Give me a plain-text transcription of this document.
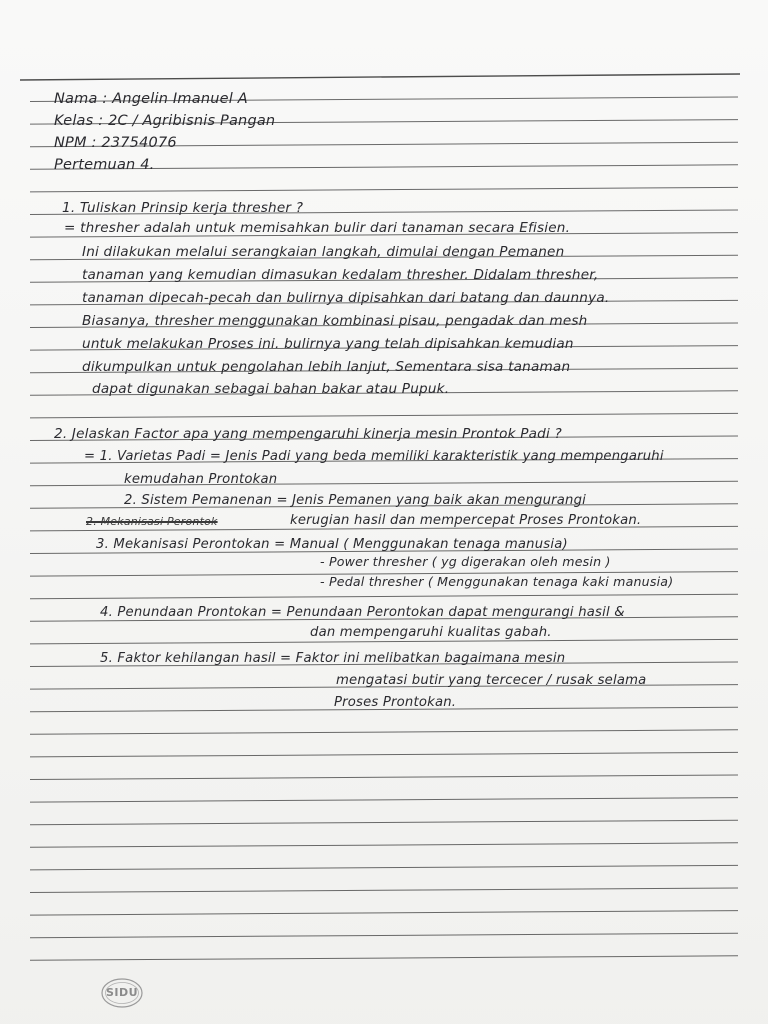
Nama : Angelin Imanuel A
Kelas : 2C / Agribisnis Pangan
NPM : 23754076
Pertemuan 4.
1. Tuliskan Prinsip kerja thresher ?
= thresher adalah untuk memisahkan bulir dari tanaman secara Efisien.
Ini dilakukan melalui serangkaian langkah, dimulai dengan Pemanen
tanaman yang kemudian dimasukan kedalam thresher. Didalam thresher,
tanaman dipecah-pecah dan bulirnya dipisahkan dari batang dan daunnya.
Biasanya, thresher menggunakan kombinasi pisau, pengadak dan mesh
untuk melakukan Proses ini. bulirnya yang telah dipisahkan kemudian
dikumpulkan untuk pengolahan lebih lanjut, Sementara sisa tanaman
dapat digunakan sebagai bahan bakar atau Pupuk.
2. Jelaskan Factor apa yang mempengaruhi kinerja mesin Prontok Padi ?
= 1. Varietas Padi = Jenis Padi yang beda memiliki karakteristik yang mempengaruhi
kemudahan Prontokan
2. Sistem Pemanenan = Jenis Pemanen yang baik akan mengurangi
2. Mekanisasi Perontok	kerugian hasil dan mempercepat Proses Prontokan.
3. Mekanisasi Perontokan = Manual ( Menggunakan tenaga manusia)
- Power thresher ( yg digerakan oleh mesin )
- Pedal thresher ( Menggunakan tenaga kaki manusia)
4. Penundaan Prontokan = Penundaan Perontokan dapat mengurangi hasil &
dan mempengaruhi kualitas gabah.
5. Faktor kehilangan hasil = Faktor ini melibatkan bagaimana mesin
mengatasi butir yang tercecer / rusak selama
Proses Prontokan.
SIDU
